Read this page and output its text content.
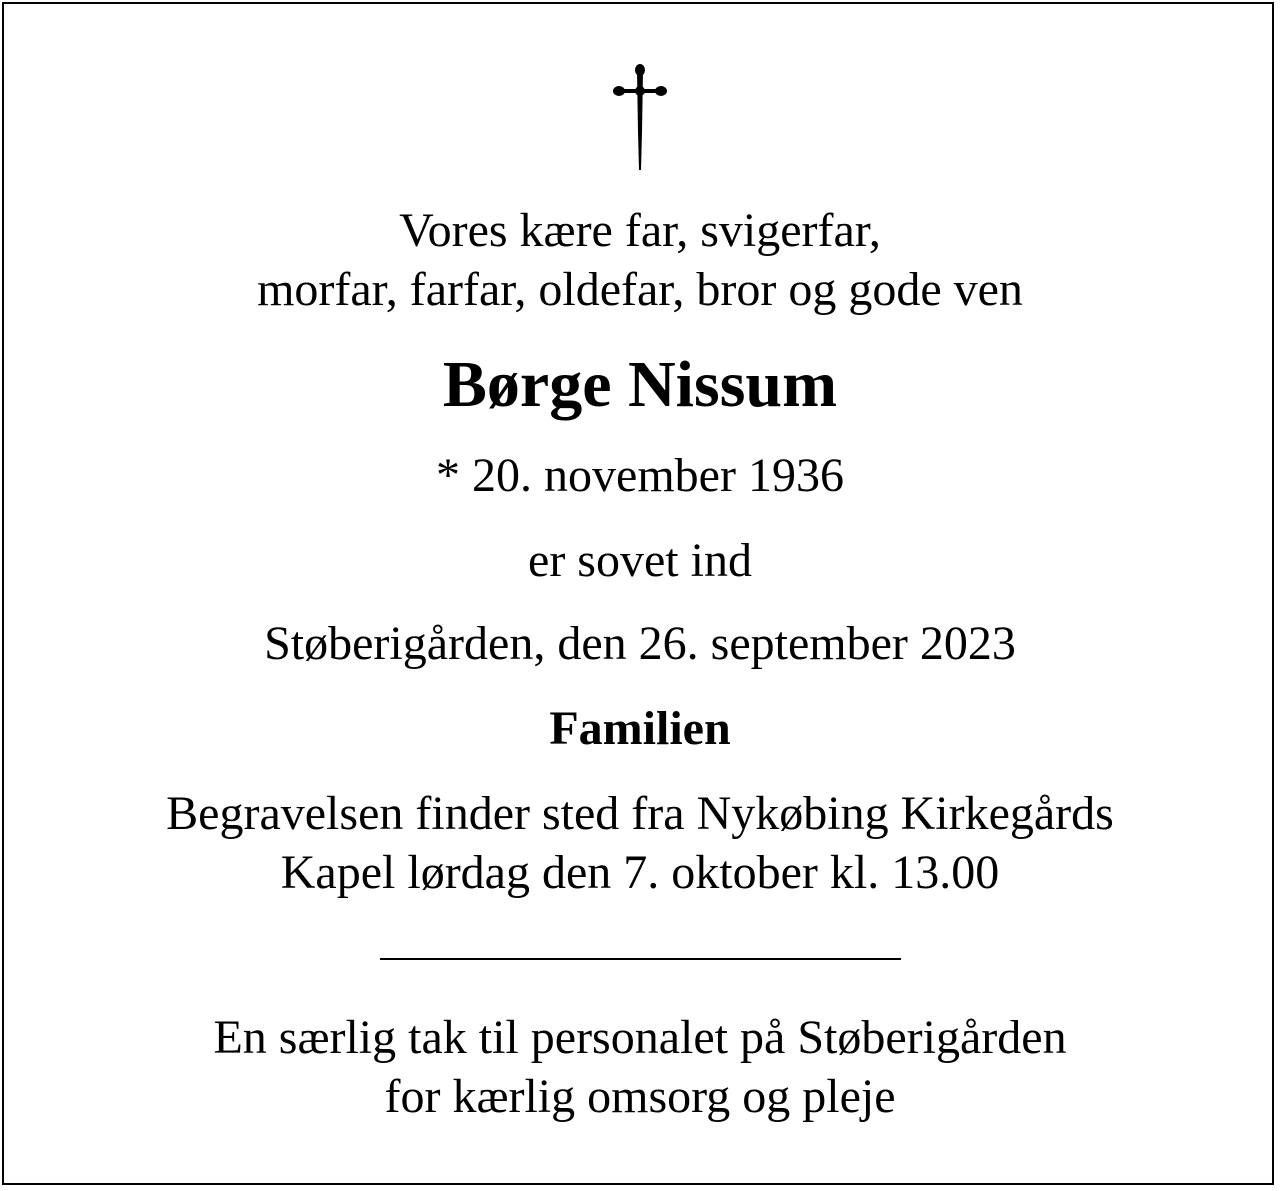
Vores kære far, svigerfar,
morfar, farfar, oldefar, bror og gode ven
Børge Nissum
* 20. november 1936
er sovet ind
Støberigården, den 26. september 2023
Familien
Begravelsen finder sted fra Nykøbing Kirkegårds
Kapel lørdag den 7. oktober kl. 13.00
En særlig tak til personalet på Støberigården
for kærlig omsorg og pleje
